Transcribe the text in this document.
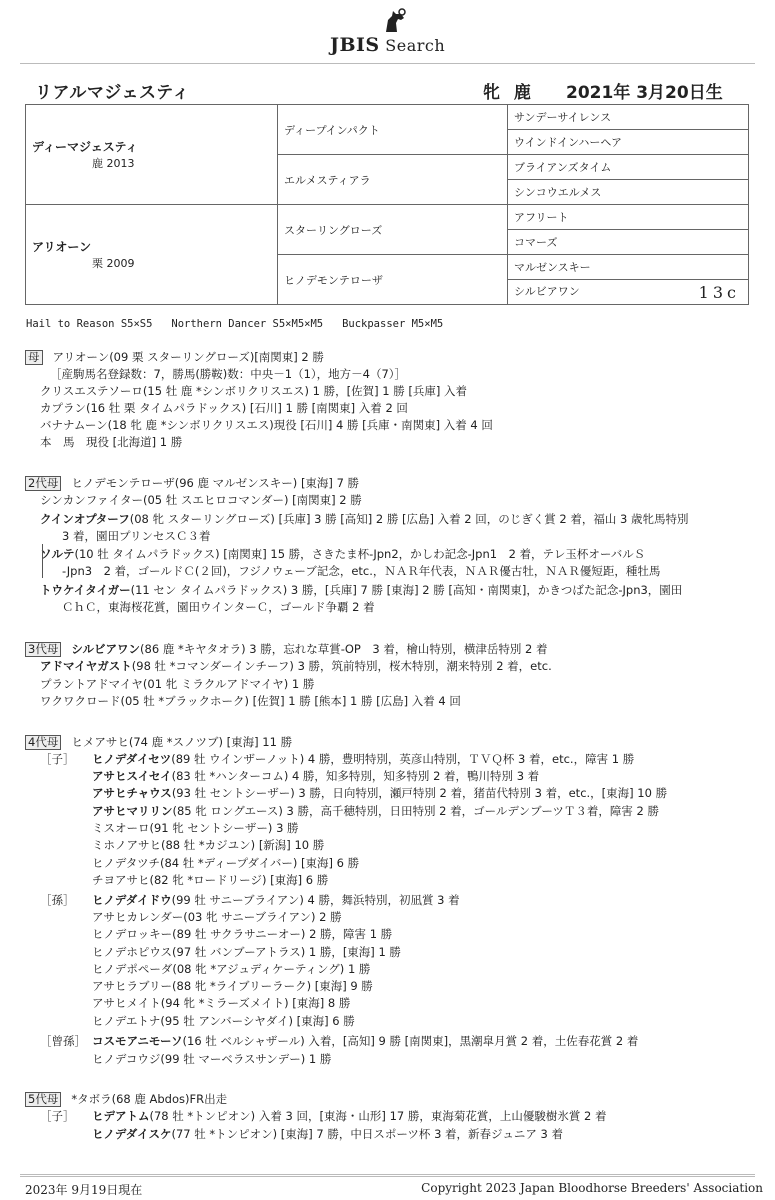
JBIS Search
リアルマジェスティ	牝 鹿 2021年 3月20日生
ディーマジェスティ
鹿 2013	ディープインパクト	サンデーサイレンス
		ウインドインハーヘア
	エルメスティアラ	ブライアンズタイム
		シンコウエルメス

アリオーン
栗 2009	スターリングローズ	アフリート
		コマーズ
	ヒノデモンテローザ	マルゼンスキー

		シルビアワン 13c
Hail to Reason S5×S5   Northern Dancer S5×M5×M5   Buckpasser M5×M5
母 アリオーン(09 栗 スターリングローズ)[南関東] 2 勝
［産駒馬名登録数：7，勝馬(勝鞍)数：中央－1（1），地方－4（7）］
クリスエステソーロ(15 牡 鹿 *シンボリクリスエス) 1 勝，[佐賀] 1 勝 [兵庫] 入着
カプラン(16 牡 栗 タイムパラドックス) [石川] 1 勝 [南関東] 入着 2 回
バナナムーン(18 牝 鹿 *シンボリクリスエス)現役 [石川] 4 勝 [兵庫・南関東] 入着 4 回
本　馬　現役 [北海道] 1 勝
2代母 ヒノデモンテローザ(96 鹿 マルゼンスキー) [東海] 7 勝
シンカンファイター(05 牡 スエヒロコマンダー) [南関東] 2 勝
クインオプターフ(08 牝 スターリングローズ) [兵庫] 3 勝 [高知] 2 勝 [広島] 入着 2 回，のじぎく賞 2 着，福山 3 歳牝馬特別
3 着，園田プリンセスＣ３着
ソルテ(10 牡 タイムパラドックス) [南関東] 15 勝，さきたま杯-Jpn2，かしわ記念-Jpn1　2 着，テレ玉杯オーバルＳ
-Jpn3　2 着，ゴールドＣ(２回)，フジノウェーブ記念，etc.，ＮＡＲ年代表，ＮＡＲ優古牡，ＮＡＲ優短距，種牡馬
トウケイタイガー(11 セン タイムパラドックス) 3 勝，[兵庫] 7 勝 [東海] 2 勝 [高知・南関東]，かきつばた記念-Jpn3，園田
ＣｈＣ，東海桜花賞，園田ウインターＣ，ゴールド争覇 2 着
3代母 シルビアワン(86 鹿 *キヤタオラ) 3 勝，忘れな草賞-OP　3 着，檜山特別，横津岳特別 2 着
アドマイヤガスト(98 牡 *コマンダーインチーフ) 3 勝，筑前特別，桜木特別，潮来特別 2 着，etc.
プラントアドマイヤ(01 牝 ミラクルアドマイヤ) 1 勝
ワクワクロード(05 牡 *ブラックホーク) [佐賀] 1 勝 [熊本] 1 勝 [広島] 入着 4 回
4代母 ヒメアサヒ(74 鹿 *スノツブ) [東海] 11 勝
［子］ ヒノデダイセツ(89 牡 ウインザーノット) 4 勝，豊明特別，英彦山特別，ＴＶＱ杯 3 着，etc.，障害 1 勝
アサヒスイセイ(83 牡 *ハンターコム) 4 勝，知多特別，知多特別 2 着，鴨川特別 3 着
アサヒチャウス(93 牡 セントシーザー) 3 勝，日向特別，瀬戸特別 2 着，猪苗代特別 3 着，etc.，[東海] 10 勝
アサヒマリリン(85 牝 ロングエース) 3 勝，高千穂特別，日田特別 2 着，ゴールデンブーツＴ３着，障害 2 勝
ミスオーロ(91 牝 セントシーザー) 3 勝
ミホノアサヒ(88 牡 *カジユン) [新潟] 10 勝
ヒノデタツチ(84 牡 *ディープダイバー) [東海] 6 勝
チヨアサヒ(82 牝 *ロードリージ) [東海] 6 勝
［孫］ ヒノデダイドウ(99 牡 サニーブライアン) 4 勝，舞浜特別，初凪賞 3 着
アサヒカレンダー(03 牝 サニーブライアン) 2 勝
ヒノデロッキー(89 牡 サクラサニーオー) 2 勝，障害 1 勝
ヒノデホピウス(97 牡 バンブーアトラス) 1 勝，[東海] 1 勝
ヒノデポペーダ(08 牝 *アジュディケーティング) 1 勝
アサヒラブリー(88 牝 *ライブリーラーク) [東海] 9 勝
アサヒメイト(94 牝 *ミラーズメイト) [東海] 8 勝
ヒノデエトナ(95 牡 アンバーシヤダイ) [東海] 6 勝
［曾孫］ コスモアニモーソ(16 牡 ベルシャザール) 入着，[高知] 9 勝 [南関東]，黒潮皐月賞 2 着，土佐春花賞 2 着
ヒノデコウジ(99 牡 マーベラスサンデー) 1 勝
5代母 *タボラ(68 鹿 Abdos)FR出走
［子］ ヒデアトム(78 牡 *トンピオン) 入着 3 回，[東海・山形] 17 勝，東海菊花賞，上山優駿樹氷賞 2 着
ヒノデダイスケ(77 牡 *トンピオン) [東海] 7 勝，中日スポーツ杯 3 着，新春ジュニア 3 着
2023年 9月19日現在	Copyright 2023 Japan Bloodhorse Breeders' Association
